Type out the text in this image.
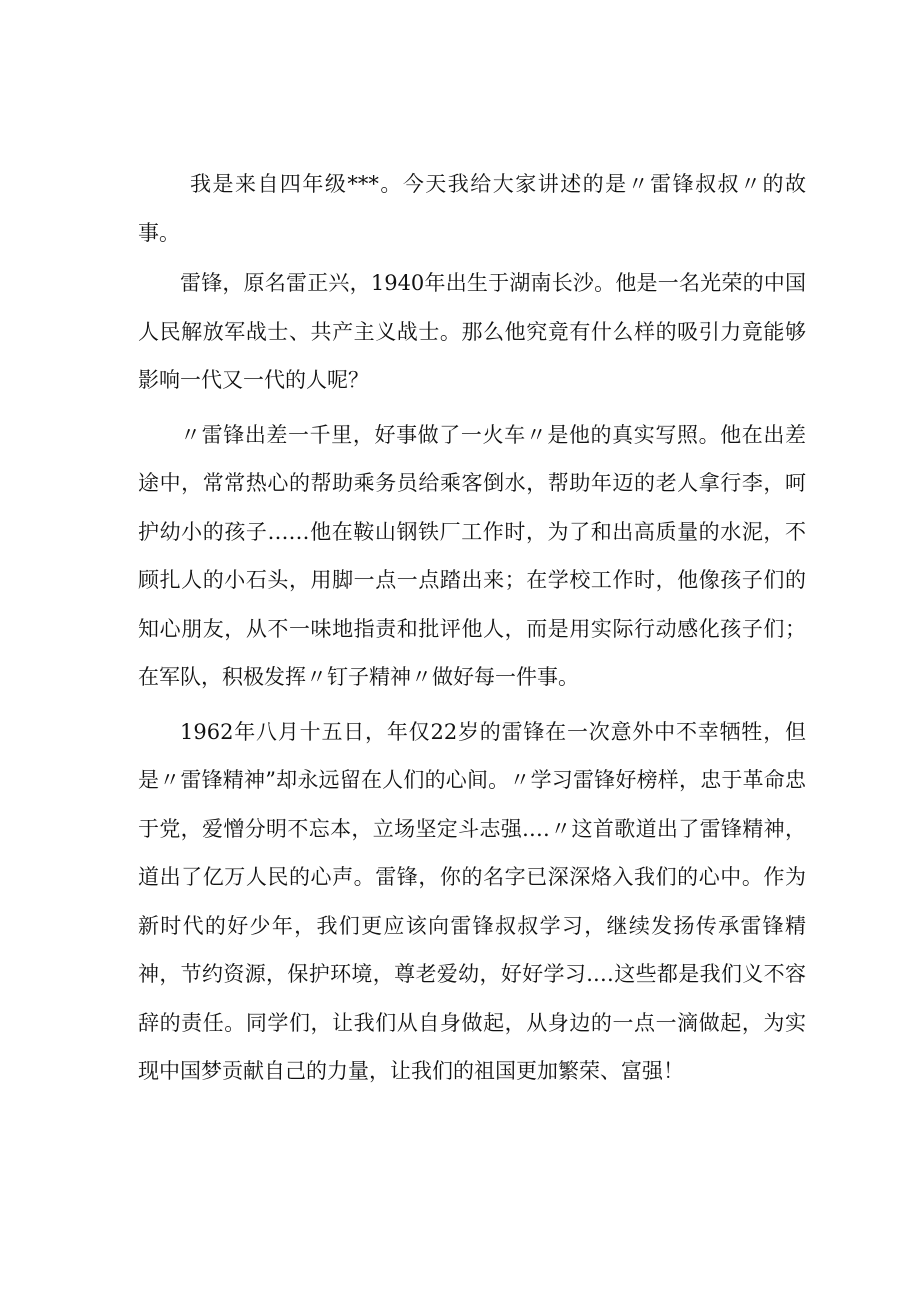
我是来自四年级***。今天我给大家讲述的是〃雷锋叔叔〃的故事。

雷锋，原名雷正兴，1940年出生于湖南长沙。他是一名光荣的中国人民解放军战士、共产主义战士。那么他究竟有什么样的吸引力竟能够影响一代又一代的人呢？

〃雷锋出差一千里，好事做了一火车〃是他的真实写照。他在出差途中，常常热心的帮助乘务员给乘客倒水，帮助年迈的老人拿行李，呵护幼小的孩子……他在鞍山钢铁厂工作时，为了和出高质量的水泥，不顾扎人的小石头，用脚一点一点踏出来；在学校工作时，他像孩子们的知心朋友，从不一味地指责和批评他人，而是用实际行动感化孩子们；在军队，积极发挥〃钉子精神〃做好每一件事。

1962年八月十五日，年仅22岁的雷锋在一次意外中不幸牺牲，但是〃雷锋精神”却永远留在人们的心间。〃学习雷锋好榜样，忠于革命忠于党，爱憎分明不忘本，立场坚定斗志强.…〃这首歌道出了雷锋精神，道出了亿万人民的心声。雷锋，你的名字已深深烙入我们的心中。作为新时代的好少年，我们更应该向雷锋叔叔学习，继续发扬传承雷锋精神，节约资源，保护环境，尊老爱幼，好好学习.…这些都是我们义不容辞的责任。同学们，让我们从自身做起，从身边的一点一滴做起，为实现中国梦贡献自己的力量，让我们的祖国更加繁荣、富强！
